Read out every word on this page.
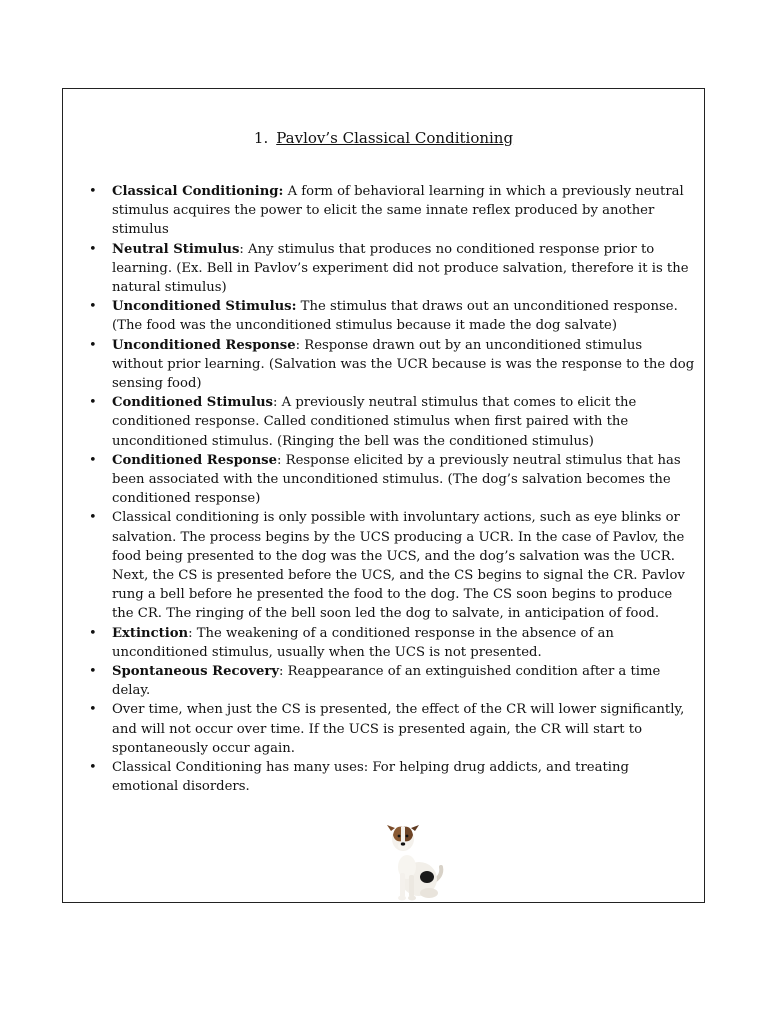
1. Pavlov’s Classical Conditioning
• Classical Conditioning: A form of behavioral learning in which a previously neutral stimulus acquires the power to elicit the same innate reflex produced by another stimulus
• Neutral Stimulus: Any stimulus that produces no conditioned response prior to learning. (Ex. Bell in Pavlov’s experiment did not produce salvation, therefore it is the natural stimulus)
• Unconditioned Stimulus: The stimulus that draws out an unconditioned response. (The food was the unconditioned stimulus because it made the dog salvate)
• Unconditioned Response: Response drawn out by an unconditioned stimulus without prior learning. (Salvation was the UCR because is was the response to the dog sensing food)
• Conditioned Stimulus: A previously neutral stimulus that comes to elicit the conditioned response. Called conditioned stimulus when first paired with the unconditioned stimulus. (Ringing the bell was the conditioned stimulus)
• Conditioned Response: Response elicited by a previously neutral stimulus that has been associated with the unconditioned stimulus. (The dog’s salvation becomes the conditioned response)
• Classical conditioning is only possible with involuntary actions, such as eye blinks or salvation. The process begins by the UCS producing a UCR. In the case of Pavlov, the food being presented to the dog was the UCS, and the dog’s salvation was the UCR. Next, the CS is presented before the UCS, and the CS begins to signal the CR. Pavlov rung a bell before he presented the food to the dog. The CS soon begins to produce the CR. The ringing of the bell soon led the dog to salvate, in anticipation of food.
• Extinction: The weakening of a conditioned response in the absence of an unconditioned stimulus, usually when the UCS is not presented.
• Spontaneous Recovery: Reappearance of an extinguished condition after a time delay.
• Over time, when just the CS is presented, the effect of the CR will lower significantly, and will not occur over time. If the UCS is presented again, the CR will start to spontaneously occur again.
• Classical Conditioning has many uses: For helping drug addicts, and treating emotional disorders.
